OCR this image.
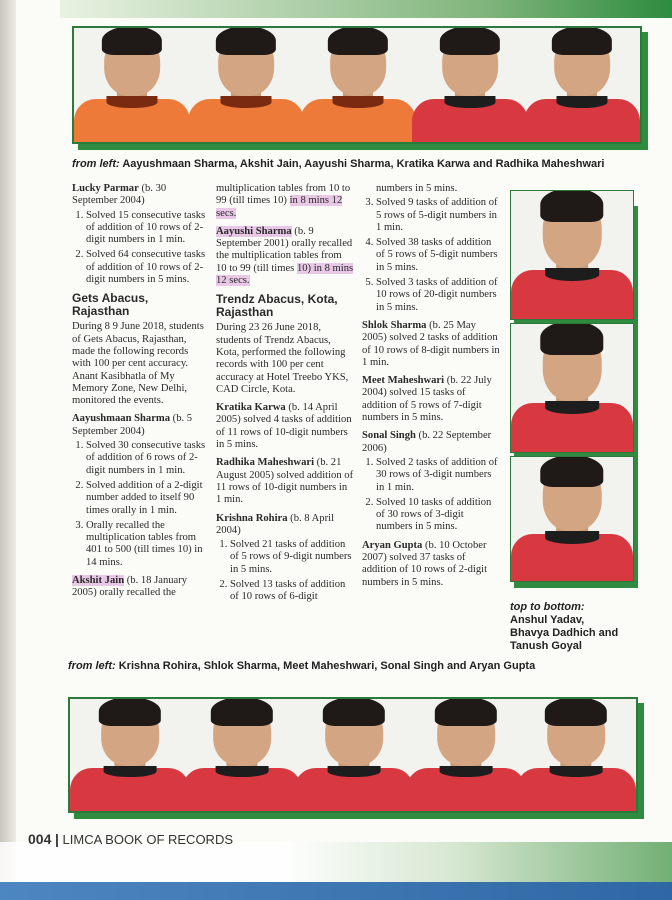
from left: Aayushmaan Sharma, Akshit Jain, Aayushi Sharma, Kratika Karwa and Radhika Maheshwari
Lucky Parmar (b. 30 September 2004)
1. Solved 15 consecutive tasks of addition of 10 rows of 2-digit numbers in 1 min.
2. Solved 64 consecutive tasks of addition of 10 rows of 2-digit numbers in 5 mins.
Gets Abacus, Rajasthan
During 8 9 June 2018, students of Gets Abacus, Rajasthan, made the following records with 100 per cent accuracy. Anant Kasibhatla of My Memory Zone, New Delhi, monitored the events.
Aayushmaan Sharma (b. 5 September 2004)
1. Solved 30 consecutive tasks of addition of 6 rows of 2-digit numbers in 1 min.
2. Solved addition of a 2-digit number added to itself 90 times orally in 1 min.
3. Orally recalled the multiplication tables from 401 to 500 (till times 10) in 14 mins.
Akshit Jain (b. 18 January 2005) orally recalled the
multiplication tables from 10 to 99 (till times 10) in 8 mins 12 secs.
Aayushi Sharma (b. 9 September 2001) orally recalled the multiplication tables from 10 to 99 (till times 10) in 8 mins 12 secs.
Trendz Abacus, Kota, Rajasthan
During 23 26 June 2018, students of Trendz Abacus, Kota, performed the following records with 100 per cent accuracy at Hotel Treebo YKS, CAD Circle, Kota.
Kratika Karwa (b. 14 April 2005) solved 4 tasks of addition of 11 rows of 10-digit numbers in 5 mins.
Radhika Maheshwari (b. 21 August 2005) solved addition of 11 rows of 10-digit numbers in 1 min.
Krishna Rohira (b. 8 April 2004)
1. Solved 21 tasks of addition of 5 rows of 9-digit numbers in 5 mins.
2. Solved 13 tasks of addition of 10 rows of 6-digit
numbers in 5 mins.
3. Solved 9 tasks of addition of 5 rows of 5-digit numbers in 1 min.
4. Solved 38 tasks of addition of 5 rows of 5-digit numbers in 5 mins.
5. Solved 3 tasks of addition of 10 rows of 20-digit numbers in 5 mins.
Shlok Sharma (b. 25 May 2005) solved 2 tasks of addition of 10 rows of 8-digit numbers in 1 min.
Meet Maheshwari (b. 22 July 2004) solved 15 tasks of addition of 5 rows of 7-digit numbers in 5 mins.
Sonal Singh (b. 22 September 2006)
1. Solved 2 tasks of addition of 30 rows of 3-digit numbers in 1 min.
2. Solved 10 tasks of addition of 30 rows of 3-digit numbers in 5 mins.
Aryan Gupta (b. 10 October 2007) solved 37 tasks of addition of 10 rows of 2-digit numbers in 5 mins.
top to bottom:
Anshul Yadav,
Bhavya Dadhich and
Tanush Goyal
from left: Krishna Rohira, Shlok Sharma, Meet Maheshwari, Sonal Singh and Aryan Gupta
004 | LIMCA BOOK OF RECORDS
